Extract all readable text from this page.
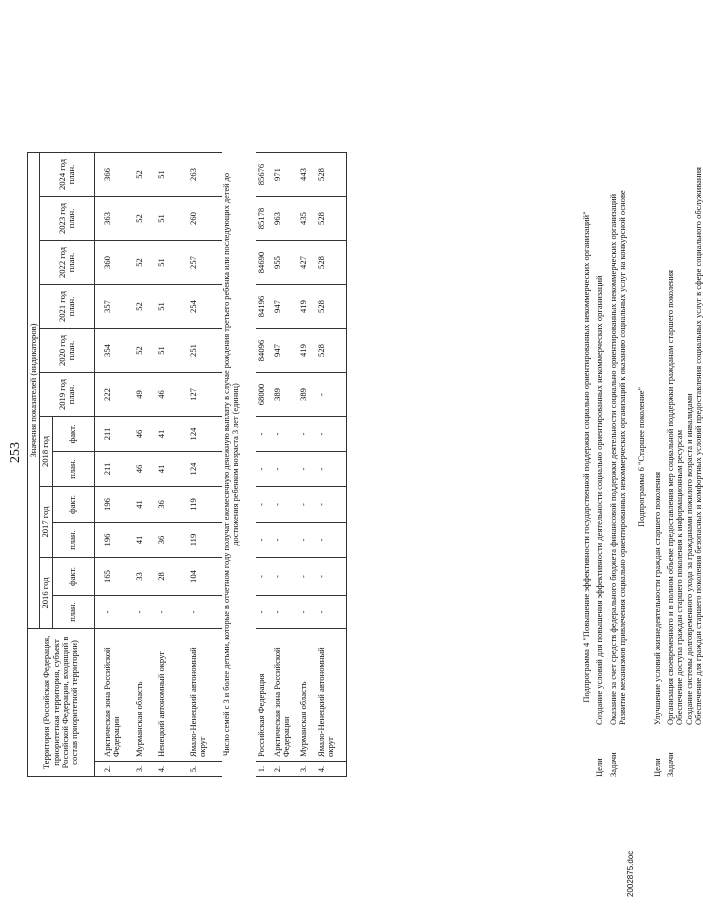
253
Территория (Российская Федерация, приоритетная территория, субъект Российской Федерации, входящий в состав приоритетной территории)		Значения показателей (индикаторов)											
		2016 год		2017 год		2018 год		2019 год план.	2020 год план.	2021 год план.	2022 год план.	2023 год план.	2024 год план.
		план.	факт.	план.	факт.	план.	факт.						

2.	Арктическая зона Российской Федерации	-	165	196	196	211	211	222	354	357	360	363	366
3.	Мурманская область	-	33	41	41	46	46	49	52	52	52	52	52
4.	Ненецкий автономный округ	-	28	36	36	41	41	46	51	51	51	51	51
5.	Ямало-Ненецкий автономный округ	-	104	119	119	124	124	127	251	254	257	260	263
Число семей с 3 и более детьми, которые в отчетном году получат ежемесячную денежную выплату в случае рождения третьего ребенка или последующих детей до достижения ребенком возраста 3 лет (единиц)													
1.	Российская Федерация	-	-	-	-	-	-	68000	84096	84196	84690	85178	85676
2.	Арктическая зона Российской Федерации	-	-	-	-	-	-	389	947	947	955	963	971
3.	Мурманская область	-	-	-	-	-	-	389	419	419	427	435	443
4.	Ямало-Ненецкий автономный округ	-	-	-	-	-	-	-	528	528	528	528	528

Подпрограмма 4 "Повышение эффективности государственной поддержки социально ориентированных некоммерческих организаций"

Цели
Создание условий для повышения эффективности деятельности социально ориентированных некоммерческих организаций
Задачи
Оказание за счет средств федерального бюджета финансовой поддержки деятельности социально ориентированных некоммерческих организаций Развитие механизмов привлечения социально ориентированных некоммерческих организаций к оказанию социальных услуг на конкурсной основе Подпрограмма 6 "Старшее поколение"

Цели
Улучшение условий жизнедеятельности граждан старшего поколения
Задачи
Организация своевременного и в полном объеме предоставления мер социальной поддержки гражданам старшего поколения Обеспечение доступа граждан старшего поколения к информационным ресурсам Создание системы долговременного ухода за гражданами пожилого возраста и инвалидами Обеспечение для граждан старшего поколения безопасных и комфортных условий предоставления социальных услуг в сфере социального обслуживания
2002875.doc
